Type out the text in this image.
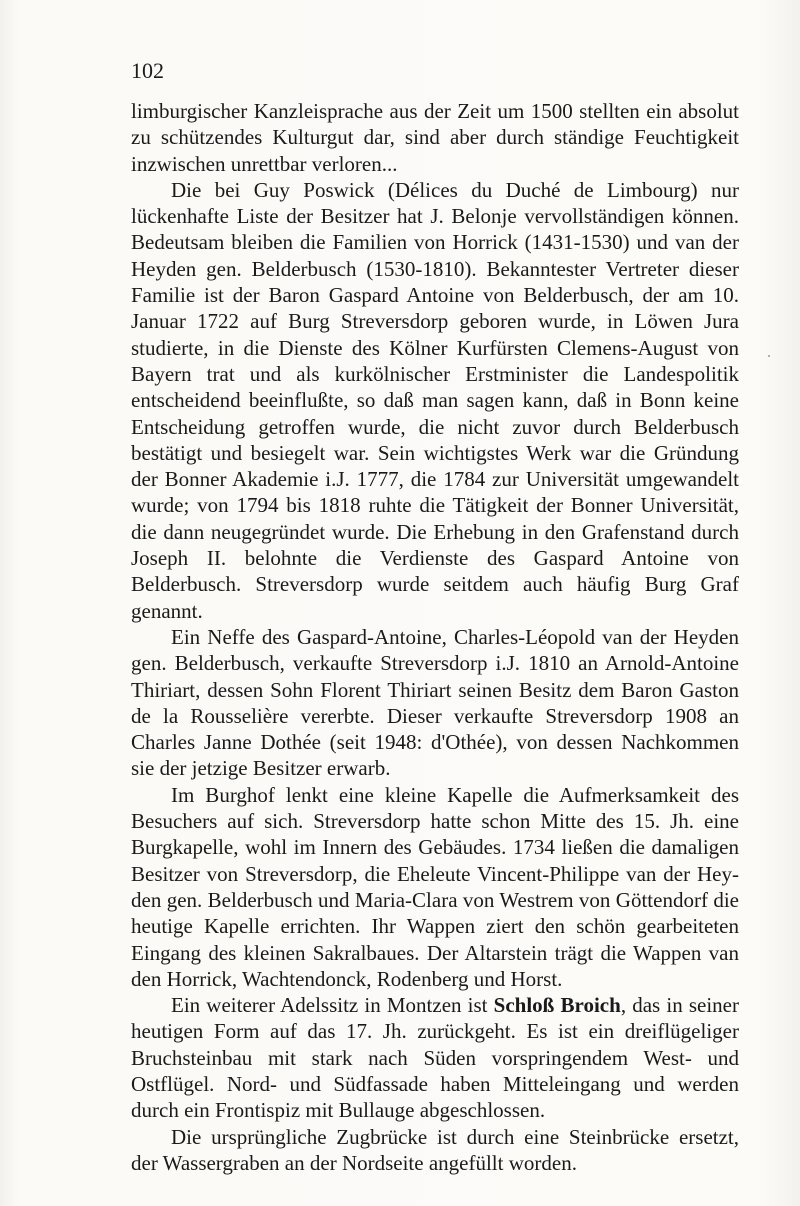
102

limburgischer Kanzleisprache aus der Zeit um 1500 stellten ein absolut zu schützendes Kulturgut dar, sind aber durch ständige Feuchtigkeit inzwischen unrettbar verloren...

Die bei Guy Poswick (Délices du Duché de Limbourg) nur lückenhafte Liste der Besitzer hat J. Belonje vervollständigen können. Bedeutsam bleiben die Familien von Horrick (1431-1530) und van der Heyden gen. Belderbusch (1530-1810). Bekanntester Vertreter dieser Familie ist der Baron Gaspard Antoine von Belderbusch, der am 10. Januar 1722 auf Burg Streversdorp geboren wurde, in Löwen Jura studierte, in die Dienste des Kölner Kurfürsten Clemens-August von Bayern trat und als kurkölnischer Erstminister die Landespolitik entscheidend beeinflußte, so daß man sagen kann, daß in Bonn keine Entscheidung getroffen wurde, die nicht zuvor durch Belderbusch bestätigt und besiegelt war. Sein wichtigstes Werk war die Gründung der Bonner Akademie i.J. 1777, die 1784 zur Universität umgewandelt wurde; von 1794 bis 1818 ruhte die Tätigkeit der Bonner Universität, die dann neugegründet wurde. Die Erhebung in den Grafenstand durch Joseph II. belohnte die Verdienste des Gaspard Antoine von Belderbusch. Streversdorp wurde seitdem auch häufig Burg Graf genannt.

Ein Neffe des Gaspard-Antoine, Charles-Léopold van der Heyden gen. Belderbusch, verkaufte Streversdorp i.J. 1810 an Arnold-Antoine Thiriart, dessen Sohn Florent Thiriart seinen Besitz dem Baron Gaston de la Rousselière vererbte. Dieser verkaufte Streversdorp 1908 an Charles Janne Dothée (seit 1948: d'Othée), von dessen Nachkommen sie der jetzige Besitzer erwarb.

Im Burghof lenkt eine kleine Kapelle die Aufmerksamkeit des Besuchers auf sich. Streversdorp hatte schon Mitte des 15. Jh. eine Burgkapelle, wohl im Innern des Gebäudes. 1734 ließen die damaligen Besitzer von Streversdorp, die Eheleute Vincent-Philippe van der Heyden gen. Belderbusch und Maria-Clara von Westrem von Göttendorf die heutige Kapelle errichten. Ihr Wappen ziert den schön gearbeiteten Eingang des kleinen Sakralbaues. Der Altarstein trägt die Wappen van den Horrick, Wachtendonck, Rodenberg und Horst.

Ein weiterer Adelssitz in Montzen ist Schloß Broich, das in seiner heutigen Form auf das 17. Jh. zurückgeht. Es ist ein dreiflügeliger Bruchsteinbau mit stark nach Süden vorspringendem West- und Ostflügel. Nord- und Südfassade haben Mitteleingang und werden durch ein Frontispiz mit Bullauge abgeschlossen.

Die ursprüngliche Zugbrücke ist durch eine Steinbrücke ersetzt, der Wassergraben an der Nordseite angefüllt worden.
